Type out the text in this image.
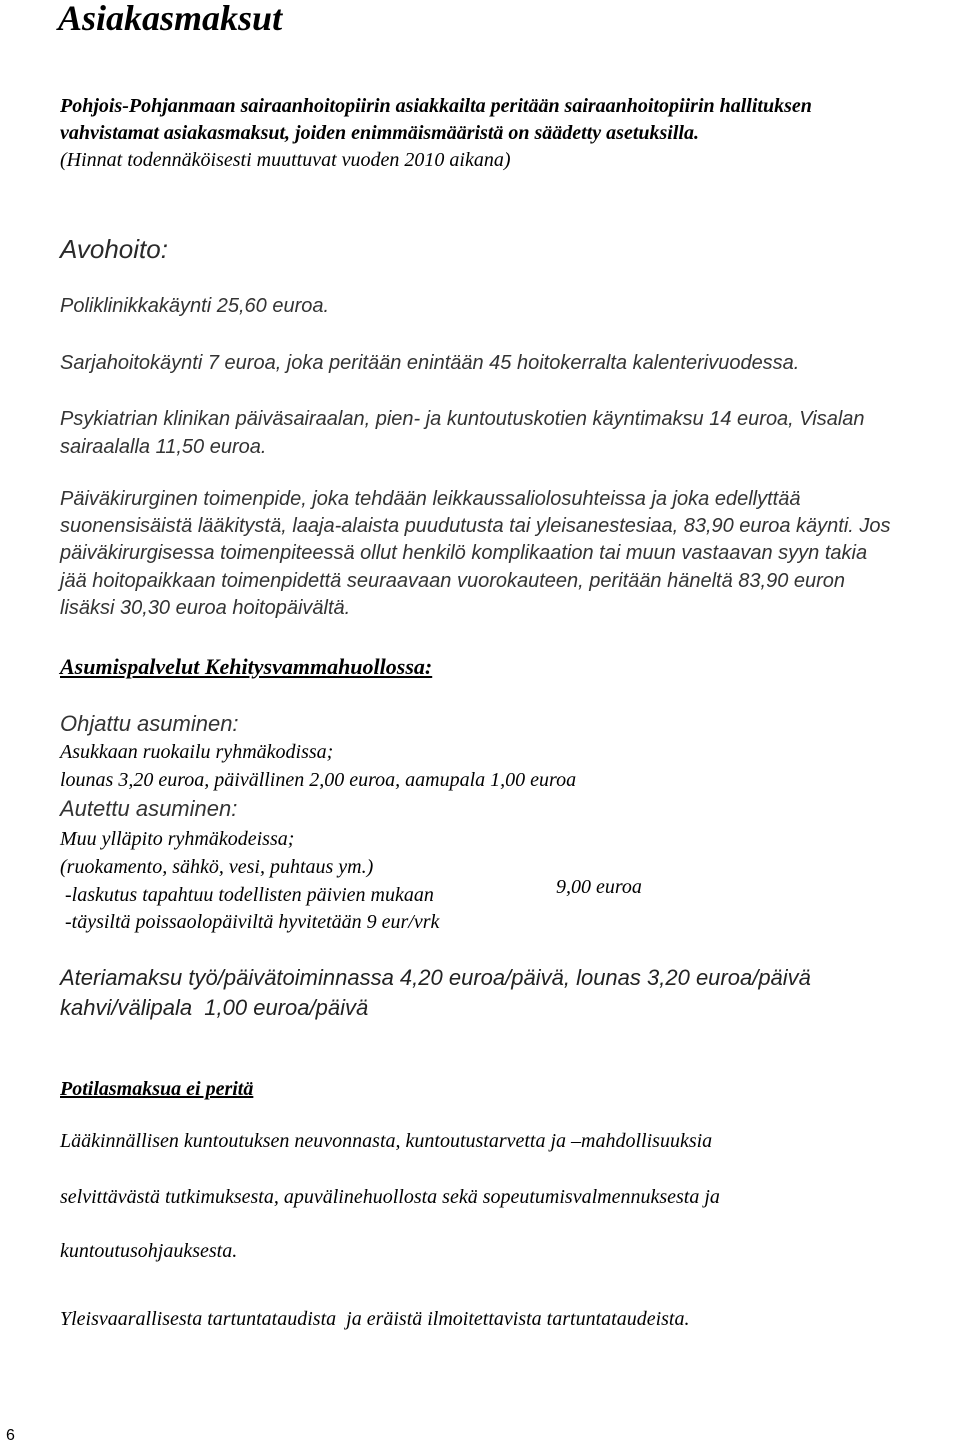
Asiakasmaksut

Pohjois-Pohjanmaan sairaanhoitopiirin asiakkailta peritään sairaanhoitopiirin hallituksen

vahvistamat asiakasmaksut, joiden enimmäismääristä on säädetty asetuksilla.

(Hinnat todennäköisesti muuttuvat vuoden 2010 aikana)

Avohoito:

Poliklinikkakäynti 25,60 euroa.

Sarjahoitokäynti 7 euroa, joka peritään enintään 45 hoitokerralta kalenterivuodessa.

Psykiatrian klinikan päiväsairaalan, pien- ja kuntoutuskotien käyntimaksu 14 euroa, Visalan

sairaalalla 11,50 euroa.

Päiväkirurginen toimenpide, joka tehdään leikkaussaliolosuhteissa ja joka edellyttää

suonensisäistä lääkitystä, laaja-alaista puudutusta tai yleisanestesiaa, 83,90 euroa käynti. Jos

päiväkirurgisessa toimenpiteessä ollut henkilö komplikaation tai muun vastaavan syyn takia

jää hoitopaikkaan toimenpidettä seuraavaan vuorokauteen, peritään häneltä 83,90 euron

lisäksi 30,30 euroa hoitopäivältä.

Asumispalvelut Kehitysvammahuollossa:

Ohjattu asuminen:

Asukkaan ruokailu ryhmäkodissa;

lounas 3,20 euroa, päivällinen 2,00 euroa, aamupala 1,00 euroa

Autettu asuminen:

Muu ylläpito ryhmäkodeissa;

(ruokamento, sähkö, vesi, puhtaus ym.)

9,00 euroa

-laskutus tapahtuu todellisten päivien mukaan

-täysiltä poissaolopäiviltä hyvitetään 9 eur/vrk

Ateriamaksu työ/päivätoiminnassa 4,20 euroa/päivä, lounas 3,20 euroa/päivä

kahvi/välipala  1,00 euroa/päivä

Potilasmaksua ei peritä

Lääkinnällisen kuntoutuksen neuvonnasta, kuntoutustarvetta ja –mahdollisuuksia

selvittävästä tutkimuksesta, apuvälinehuollosta sekä sopeutumisvalmennuksesta ja

kuntoutusohjauksesta.

Yleisvaarallisesta tartuntataudista  ja eräistä ilmoitettavista tartuntataudeista.

6
